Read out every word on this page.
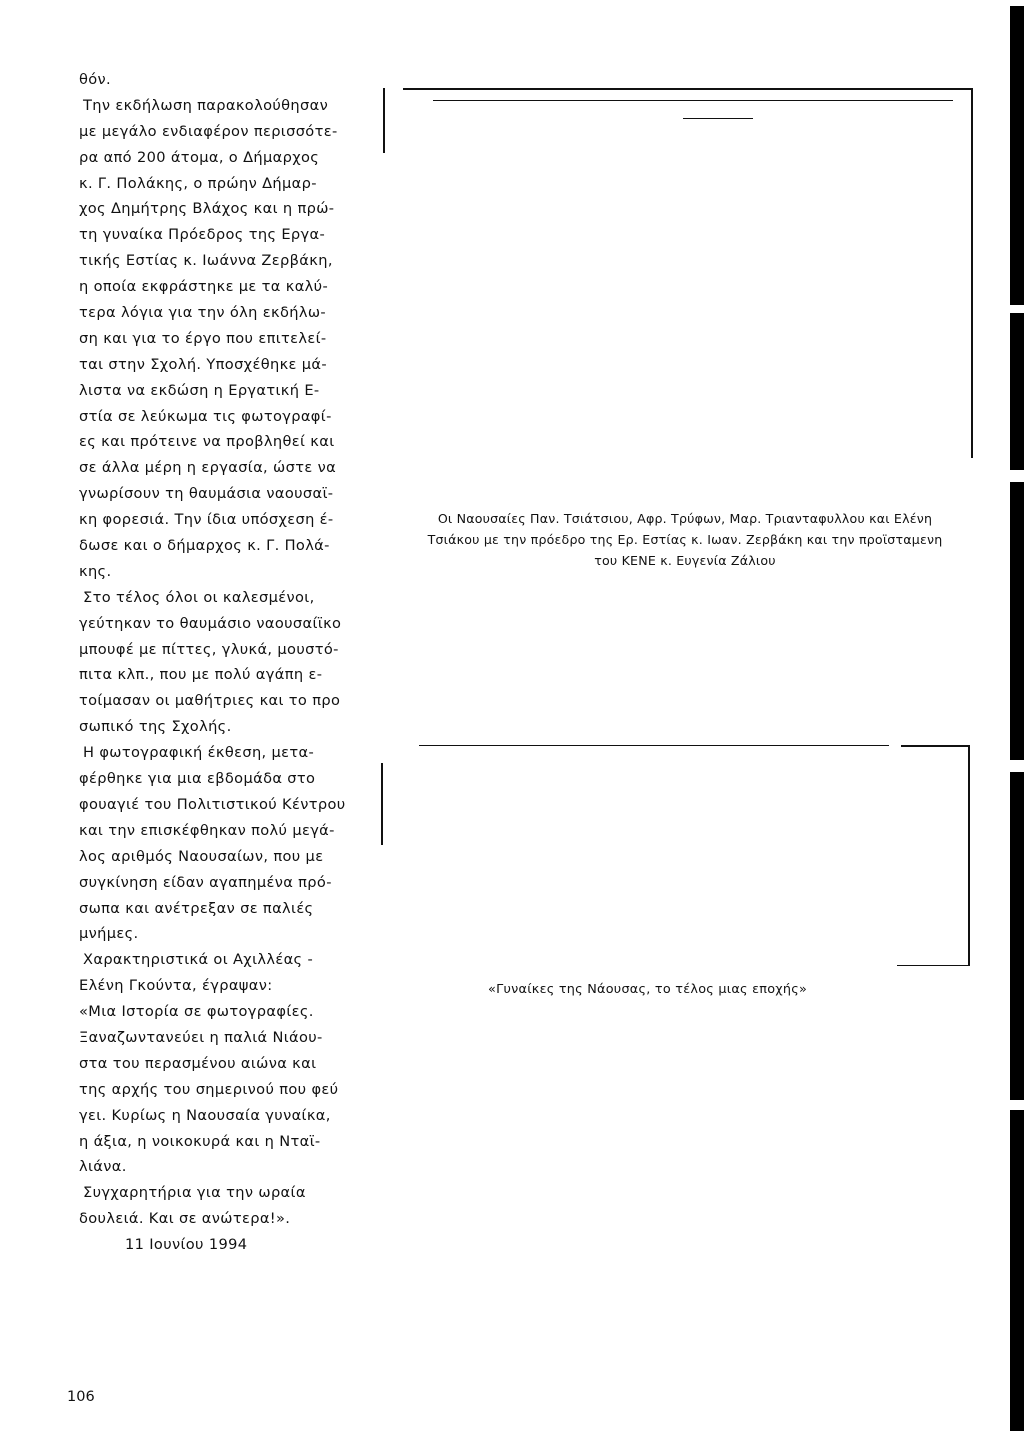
θόν.
Την εκδήλωση παρακολούθησαν
με μεγάλο ενδιαφέρον περισσότε-
ρα από 200 άτομα, ο Δήμαρχος
κ. Γ. Πολάκης, ο πρώην Δήμαρ-
χος Δημήτρης Βλάχος και η πρώ-
τη γυναίκα Πρόεδρος της Εργα-
τικής Εστίας κ. Ιωάννα Ζερβάκη,
η οποία εκφράστηκε με τα καλύ-
τερα λόγια για την όλη εκδήλω-
ση και για το έργο που επιτελεί-
ται στην Σχολή. Υποσχέθηκε μά-
λιστα να εκδώση η Εργατική Ε-
στία σε λεύκωμα τις φωτογραφί-
ες και πρότεινε να προβληθεί και
σε άλλα μέρη η εργασία, ώστε να
γνωρίσουν τη θαυμάσια ναουσαϊ-
κη φορεσιά. Την ίδια υπόσχεση έ-
δωσε και ο δήμαρχος κ. Γ. Πολά-
κης.
Στο τέλος όλοι οι καλεσμένοι,
γεύτηκαν το θαυμάσιο ναουσαίϊκο
μπουφέ με πίττες, γλυκά, μουστό-
πιτα κλπ., που με πολύ αγάπη ε-
τοίμασαν οι μαθήτριες και το προ
σωπικό της Σχολής.
Η φωτογραφική έκθεση, μετα-
φέρθηκε για μια εβδομάδα στο
φουαγιέ του Πολιτιστικού Κέντρου
και την επισκέφθηκαν πολύ μεγά-
λος αριθμός Ναουσαίων, που με
συγκίνηση είδαν αγαπημένα πρό-
σωπα και ανέτρεξαν σε παλιές
μνήμες.
Χαρακτηριστικά οι Αχιλλέας -
Ελένη Γκούντα, έγραψαν:
«Μια Ιστορία σε φωτογραφίες.
Ξαναζωντανεύει η παλιά Νιάου-
στα του περασμένου αιώνα και
της αρχής του σημερινού που φεύ
γει. Κυρίως η Ναουσαία γυναίκα,
η άξια, η νοικοκυρά και η Νταϊ-
λιάνα.
Συγχαρητήρια για την ωραία
δουλειά. Και σε ανώτερα!».
11 Ιουνίου 1994
Οι Ναουσαίες Παν. Τσιάτσιου, Αφρ. Τρύφων, Μαρ. Τριανταφυλλου και Ελένη
Τσιάκου με την πρόεδρο της Ερ. Εστίας κ. Ιωαν. Ζερβάκη και την προϊσταμενη
του ΚΕΝΕ κ. Ευγενία Ζάλιου
«Γυναίκες της Νάουσας, το τέλος μιας εποχής»
106
